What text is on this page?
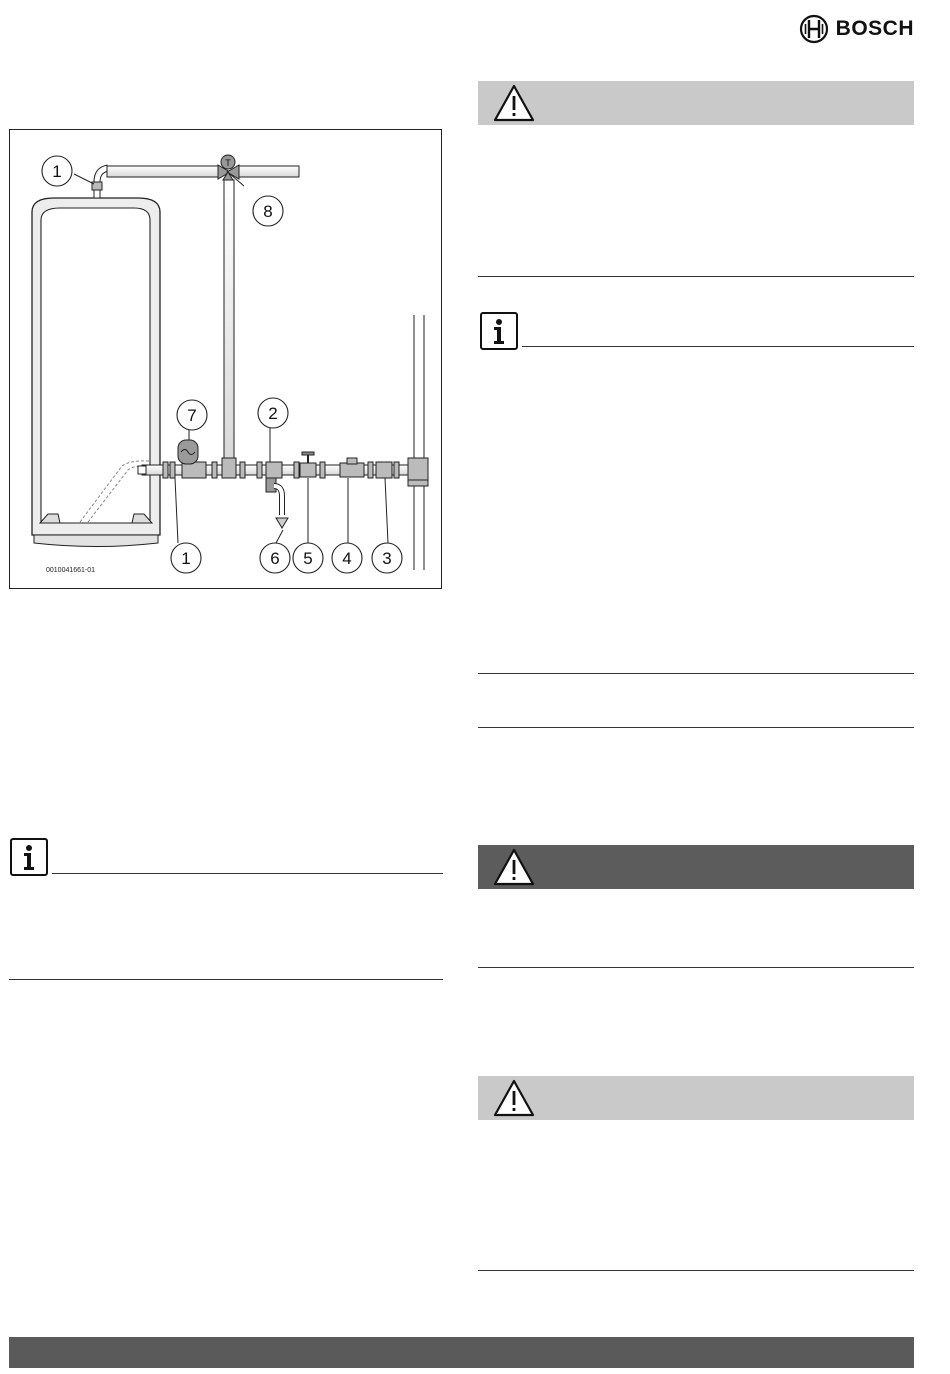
BOSCH
T
1
8
7	2
1	6 5 4 3
0010041661-01
